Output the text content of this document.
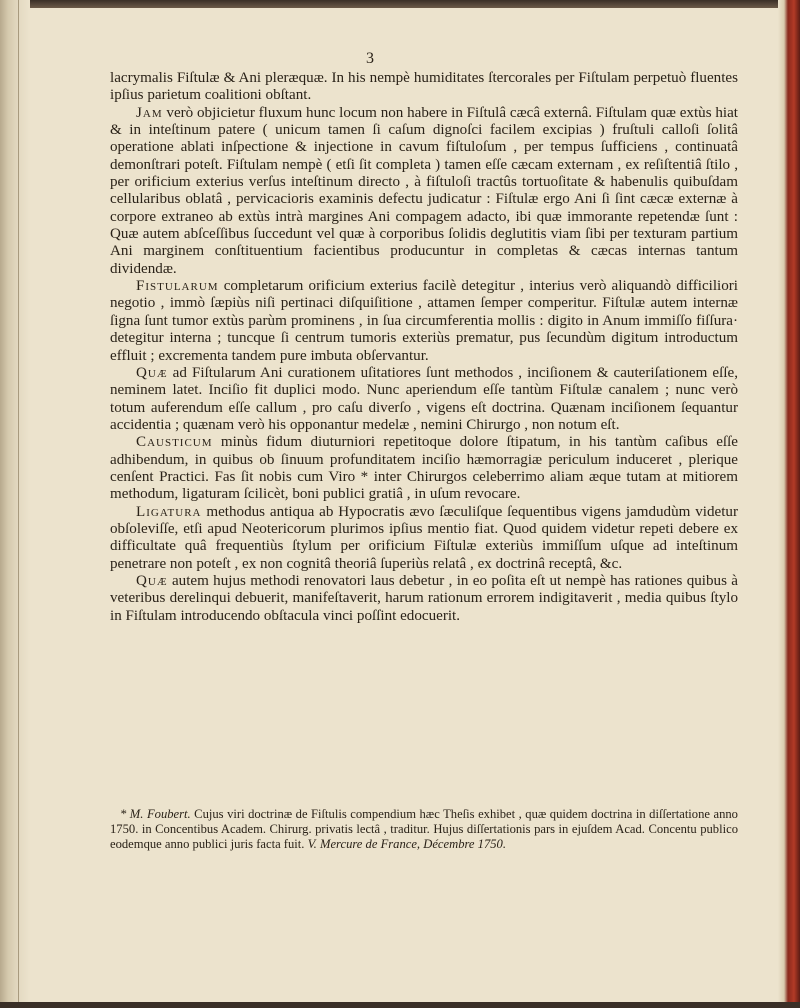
3

lacrymalis Fiſtulæ & Ani pleræquæ. In his nempè humiditates ſtercorales per Fiſtulam perpetuò fluentes ipſius parietum coalitioni obſtant.

Jam verò objicietur fluxum hunc locum non habere in Fiſtulâ cæcâ externâ. Fiſtulam quæ extùs hiat & in inteſtinum patere ( unicum tamen ſi caſum dignoſci facilem excipias ) fruſtuli calloſi ſolitâ operatione ablati inſpectione & injectione in cavum fiſtuloſum , per tempus ſufficiens , continuatâ demonſtrari poteſt. Fiſtulam nempè ( etſi ſit completa ) tamen eſſe cæcam externam , ex reſiſtentiâ ſtilo , per orificium exterius verſus inteſtinum directo , à fiſtuloſi tractûs tortuoſitate & habenulis quibuſdam cellularibus oblatâ , pervicacioris examinis defectu judicatur : Fiſtulæ ergo Ani ſi ſint cæcæ externæ à corpore extraneo ab extùs intrà margines Ani compagem adacto, ibi quæ immorante repetendæ ſunt : Quæ autem abſceſſibus ſuccedunt vel quæ à corporibus ſolidis deglutitis viam ſibi per texturam partium Ani marginem conſtituentium facientibus producuntur in completas & cæcas internas tantum dividendæ.

Fistularum completarum orificium exterius facilè detegitur , interius verò aliquandò difficiliori negotio , immò ſæpiùs niſi pertinaci diſquiſitione , attamen ſemper comperitur. Fiſtulæ autem internæ ſigna ſunt tumor extùs parùm prominens , in ſua circumferentia mollis : digito in Anum immiſſo fiſſura· detegitur interna ; tuncque ſi centrum tumoris exteriùs prematur, pus ſecundùm digitum introductum effluit ; excrementa tandem pure imbuta obſervantur.

Quæ ad Fiſtularum Ani curationem uſitatiores ſunt methodos , inciſionem & cauteriſationem eſſe, neminem latet. Inciſio fit duplici modo. Nunc aperiendum eſſe tantùm Fiſtulæ canalem ; nunc verò totum auferendum eſſe callum , pro caſu diverſo , vigens eſt doctrina. Quænam inciſionem ſequantur accidentia ; quænam verò his opponantur medelæ , nemini Chirurgo , non notum eſt.

Causticum minùs fidum diuturniori repetitoque dolore ſtipatum, in his tantùm caſibus eſſe adhibendum, in quibus ob ſinuum profunditatem inciſio hæmorragiæ periculum induceret , plerique cenſent Practici. Fas ſit nobis cum Viro * inter Chirurgos celeberrimo aliam æque tutam at mitiorem methodum, ligaturam ſcilicèt, boni publici gratiâ , in uſum revocare.

Ligatura methodus antiqua ab Hypocratis ævo ſæculiſque ſequentibus vigens jamdudùm videtur obſoleviſſe, etſi apud Neotericorum plurimos ipſius mentio fiat. Quod quidem videtur repeti debere ex difficultate quâ frequentiùs ſtylum per orificium Fiſtulæ exteriùs immiſſum uſque ad inteſtinum penetrare non poteſt , ex non cognitâ theoriâ ſuperiùs relatâ , ex doctrinâ receptâ, &c.

Quæ autem hujus methodi renovatori laus debetur , in eo poſita eſt ut nempè has rationes quibus à veteribus derelinqui debuerit, manifeſtaverit, harum rationum errorem indigitaverit , media quibus ſtylo in Fiſtulam introducendo obſtacula vinci poſſint edocuerit.

* M. Foubert. Cujus viri doctrinæ de Fiſtulis compendium hæc Theſis exhibet , quæ quidem doctrina in diſſertatione anno 1750. in Concentibus Academ. Chirurg. privatis lectâ , traditur. Hujus diſſertationis pars in ejuſdem Acad. Concentu publico eodemque anno publici juris facta fuit. V. Mercure de France, Décembre 1750.
